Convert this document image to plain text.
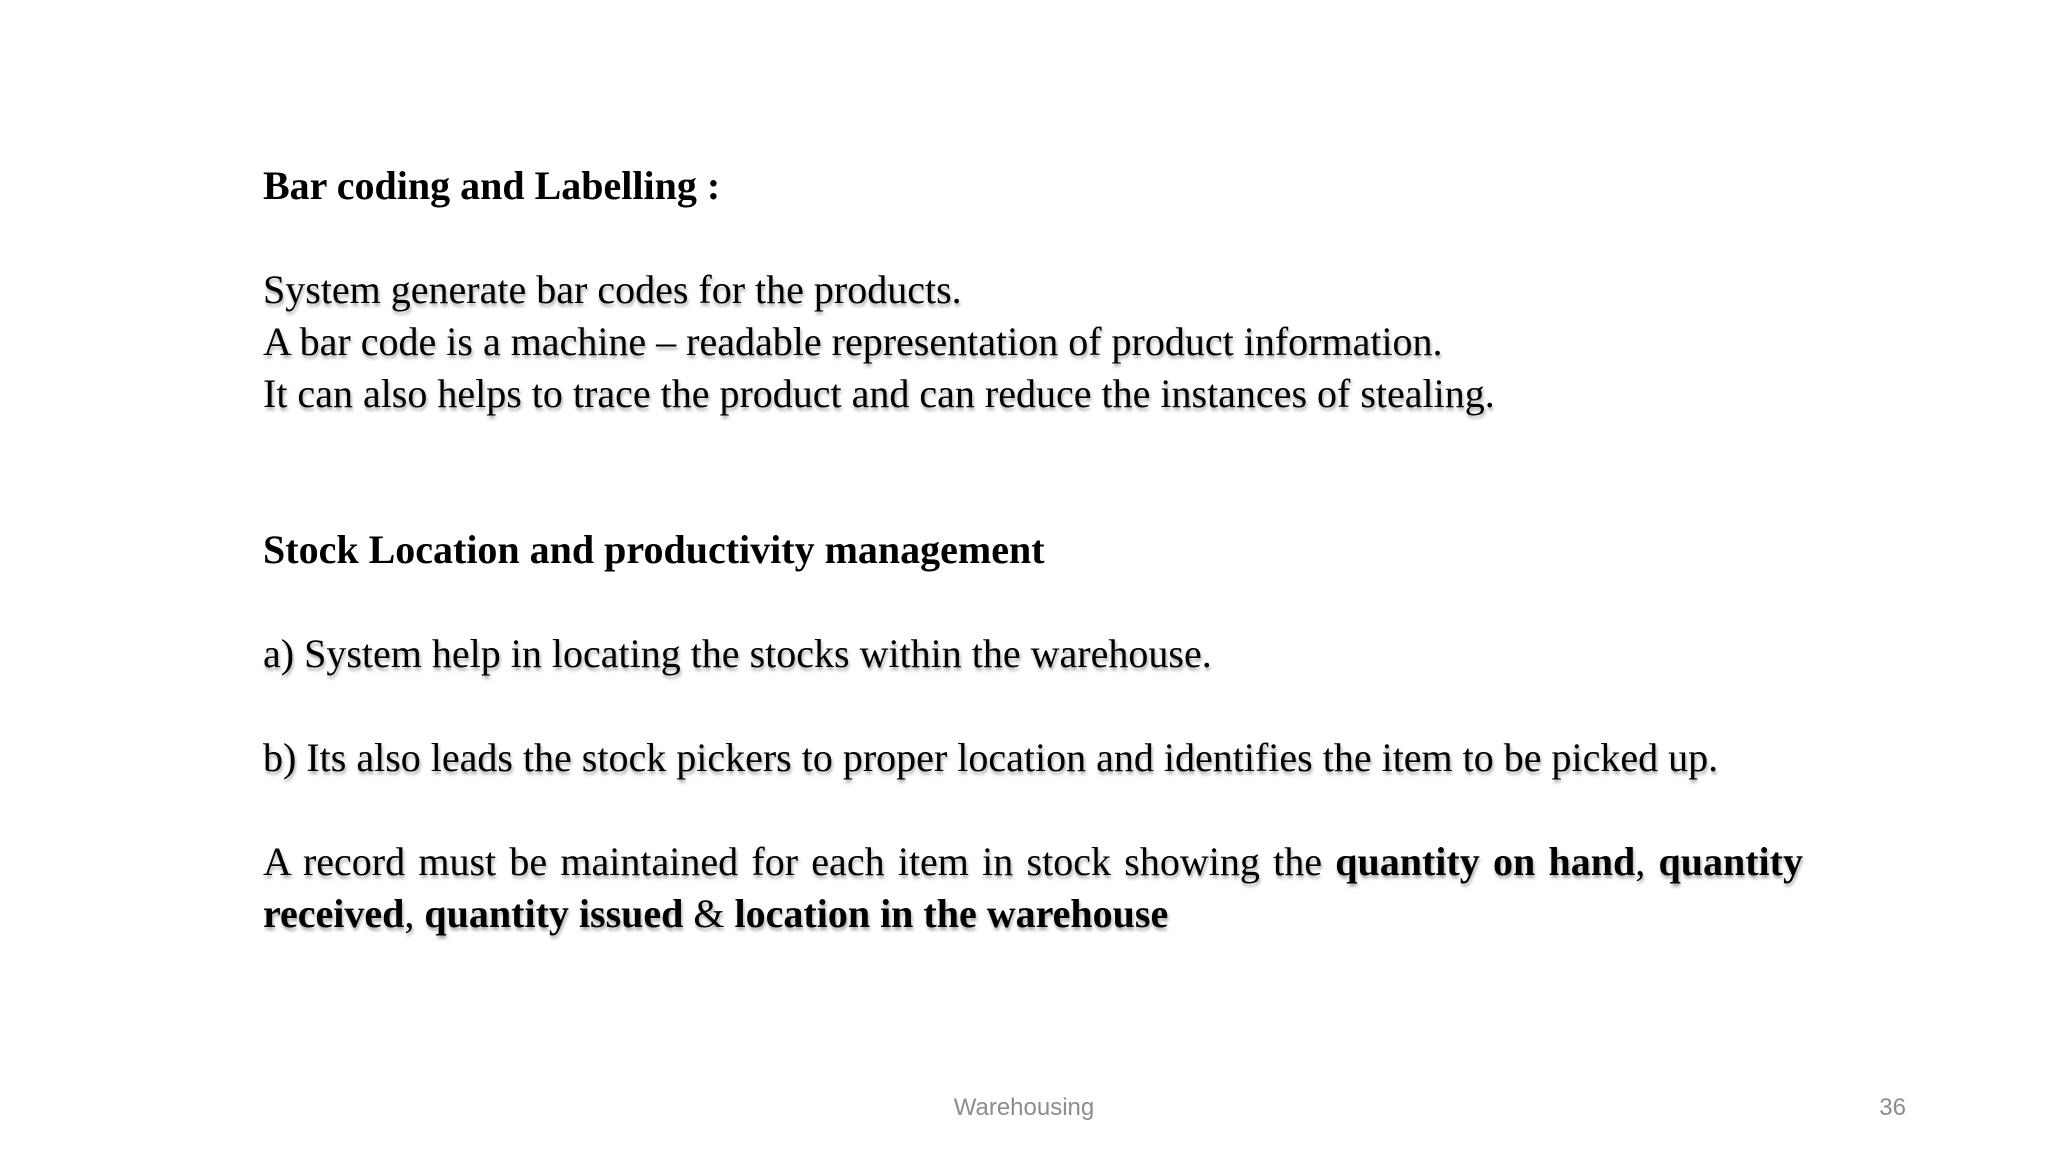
Bar coding and Labelling :

System generate bar codes for the products.

A bar code is a machine – readable representation of product information.

It can also helps to trace the product and can reduce the instances of stealing.

Stock Location and productivity management

a) System help in locating the stocks within the warehouse.

b) Its also leads the stock pickers to proper location and identifies the item to be picked up.

A record must be maintained for each item in stock showing the quantity on hand, quantity received, quantity issued & location in the warehouse

Warehousing	36
